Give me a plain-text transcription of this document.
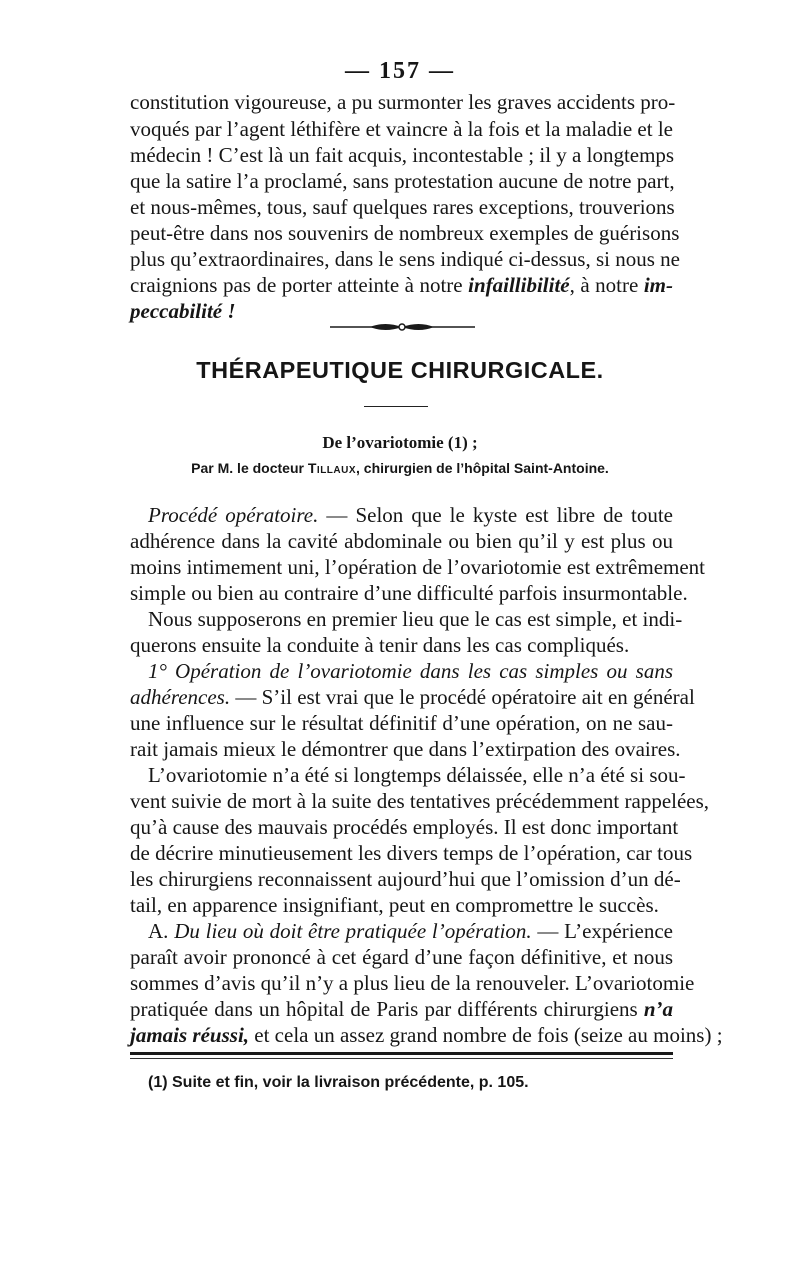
— 157 —
constitution vigoureuse, a pu surmonter les graves accidents pro-
voqués par l’agent léthifère et vaincre à la fois et la maladie et le
médecin ! C’est là un fait acquis, incontestable ; il y a longtemps
que la satire l’a proclamé, sans protestation aucune de notre part,
et nous-mêmes, tous, sauf quelques rares exceptions, trouverions
peut-être dans nos souvenirs de nombreux exemples de guérisons
plus qu’extraordinaires, dans le sens indiqué ci-dessus, si nous ne
craignions pas de porter atteinte à notre infaillibilité, à notre im-
peccabilité !
THÉRAPEUTIQUE CHIRURGICALE.
De l’ovariotomie (1) ;
Par M. le docteur Tillaux, chirurgien de l’hôpital Saint-Antoine.
Procédé opératoire. — Selon que le kyste est libre de toute
adhérence dans la cavité abdominale ou bien qu’il y est plus ou
moins intimement uni, l’opération de l’ovariotomie est extrêmement
simple ou bien au contraire d’une difficulté parfois insurmontable.
Nous supposerons en premier lieu que le cas est simple, et indi-
querons ensuite la conduite à tenir dans les cas compliqués.
1° Opération de l’ovariotomie dans les cas simples ou sans
adhérences. — S’il est vrai que le procédé opératoire ait en général
une influence sur le résultat définitif d’une opération, on ne sau-
rait jamais mieux le démontrer que dans l’extirpation des ovaires.
L’ovariotomie n’a été si longtemps délaissée, elle n’a été si sou-
vent suivie de mort à la suite des tentatives précédemment rappelées,
qu’à cause des mauvais procédés employés. Il est donc important
de décrire minutieusement les divers temps de l’opération, car tous
les chirurgiens reconnaissent aujourd’hui que l’omission d’un dé-
tail, en apparence insignifiant, peut en compromettre le succès.
A. Du lieu où doit être pratiquée l’opération. — L’expérience
paraît avoir prononcé à cet égard d’une façon définitive, et nous
sommes d’avis qu’il n’y a plus lieu de la renouveler. L’ovariotomie
pratiquée dans un hôpital de Paris par différents chirurgiens n’a
jamais réussi, et cela un assez grand nombre de fois (seize au moins) ;
(1) Suite et fin, voir la livraison précédente, p. 105.
